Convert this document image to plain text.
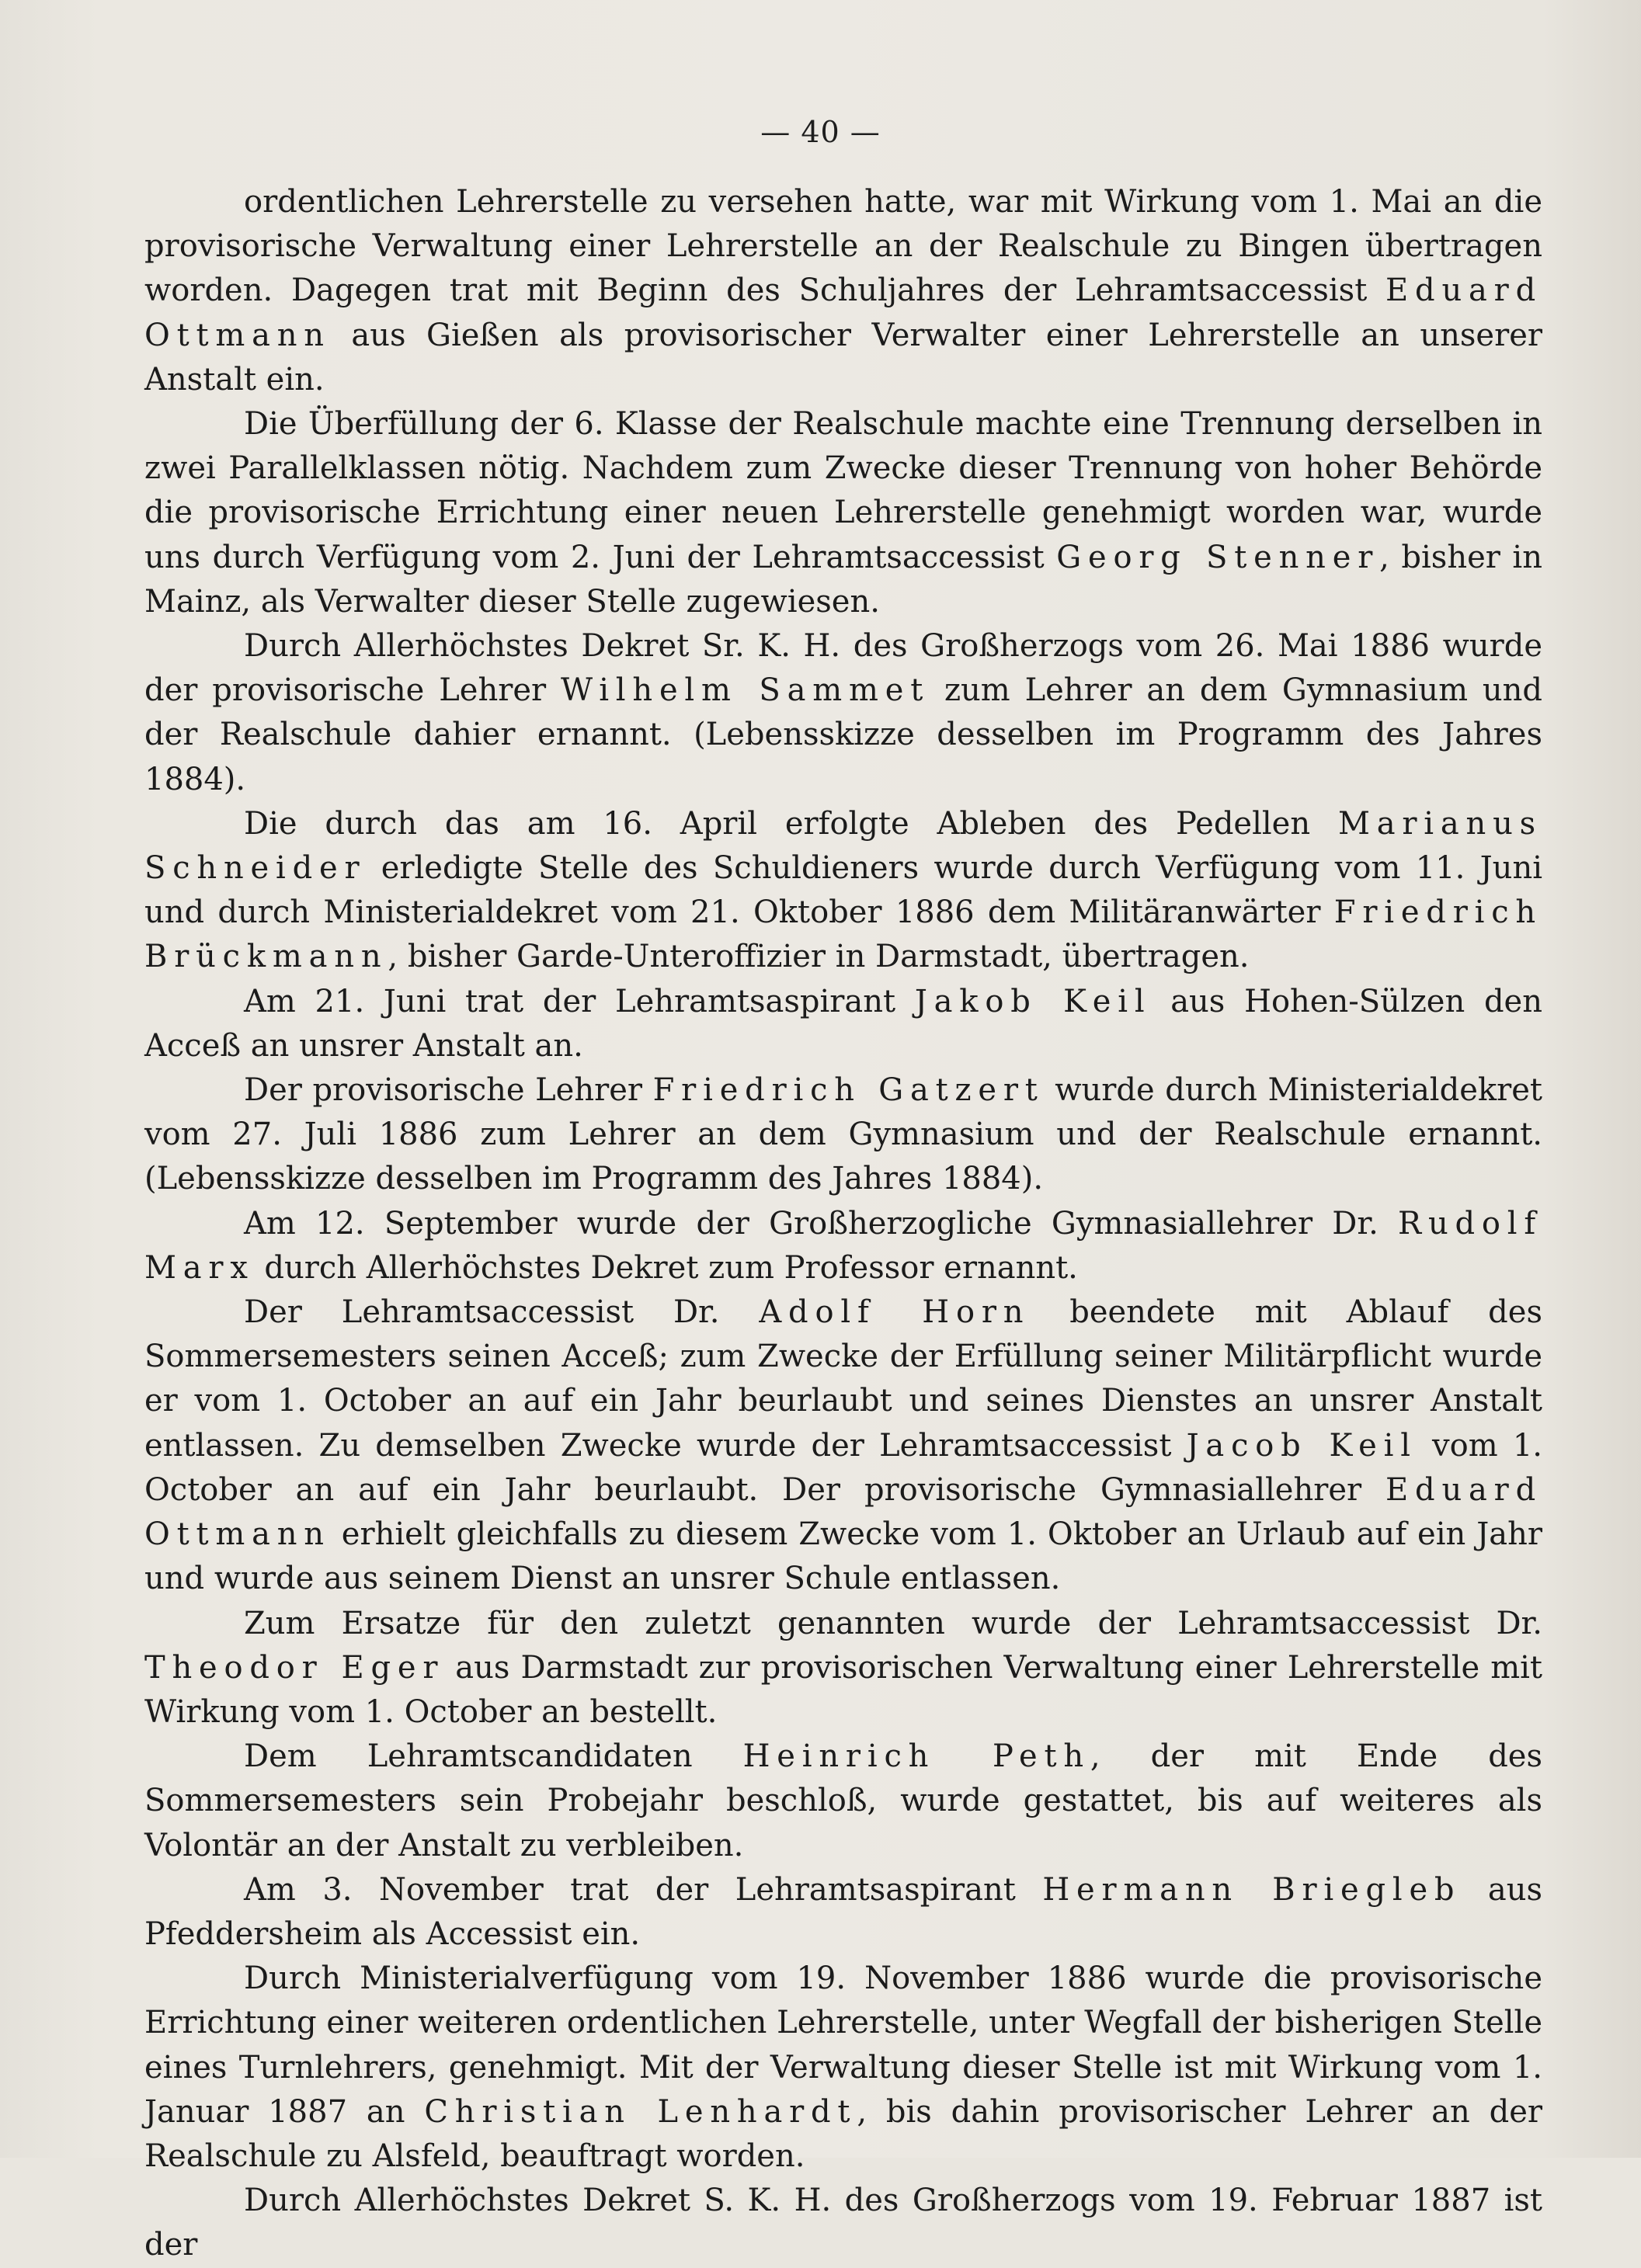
— 40 —

ordentlichen Lehrerstelle zu versehen hatte, war mit Wirkung vom 1. Mai an die provisorische Verwaltung einer Lehrerstelle an der Realschule zu Bingen übertragen worden. Dagegen trat mit Beginn des Schuljahres der Lehramtsaccessist Eduard Ottmann aus Gießen als provisorischer Verwalter einer Lehrerstelle an unserer Anstalt ein.

Die Überfüllung der 6. Klasse der Realschule machte eine Trennung derselben in zwei Parallelklassen nötig. Nachdem zum Zwecke dieser Trennung von hoher Behörde die provisorische Errichtung einer neuen Lehrerstelle genehmigt worden war, wurde uns durch Verfügung vom 2. Juni der Lehramtsaccessist Georg Stenner, bisher in Mainz, als Verwalter dieser Stelle zugewiesen.

Durch Allerhöchstes Dekret Sr. K. H. des Großherzogs vom 26. Mai 1886 wurde der provisorische Lehrer Wilhelm Sammet zum Lehrer an dem Gymnasium und der Realschule dahier ernannt. (Lebensskizze desselben im Programm des Jahres 1884).

Die durch das am 16. April erfolgte Ableben des Pedellen Marianus Schneider erledigte Stelle des Schuldieners wurde durch Verfügung vom 11. Juni und durch Ministerialdekret vom 21. Oktober 1886 dem Militäranwärter Friedrich Brückmann, bisher Garde-Unteroffizier in Darmstadt, übertragen.

Am 21. Juni trat der Lehramtsaspirant Jakob Keil aus Hohen-Sülzen den Acceß an unsrer Anstalt an.

Der provisorische Lehrer Friedrich Gatzert wurde durch Ministerialdekret vom 27. Juli 1886 zum Lehrer an dem Gymnasium und der Realschule ernannt. (Lebensskizze desselben im Programm des Jahres 1884).

Am 12. September wurde der Großherzogliche Gymnasiallehrer Dr. Rudolf Marx durch Allerhöchstes Dekret zum Professor ernannt.

Der Lehramtsaccessist Dr. Adolf Horn beendete mit Ablauf des Sommersemesters seinen Acceß; zum Zwecke der Erfüllung seiner Militärpflicht wurde er vom 1. October an auf ein Jahr beurlaubt und seines Dienstes an unsrer Anstalt entlassen. Zu demselben Zwecke wurde der Lehramtsaccessist Jacob Keil vom 1. October an auf ein Jahr beurlaubt. Der provisorische Gymnasiallehrer Eduard Ottmann erhielt gleichfalls zu diesem Zwecke vom 1. Oktober an Urlaub auf ein Jahr und wurde aus seinem Dienst an unsrer Schule entlassen.

Zum Ersatze für den zuletzt genannten wurde der Lehramtsaccessist Dr. Theodor Eger aus Darmstadt zur provisorischen Verwaltung einer Lehrerstelle mit Wirkung vom 1. October an bestellt.

Dem Lehramtscandidaten Heinrich Peth, der mit Ende des Sommersemesters sein Probejahr beschloß, wurde gestattet, bis auf weiteres als Volontär an der Anstalt zu verbleiben.

Am 3. November trat der Lehramtsaspirant Hermann Briegleb aus Pfeddersheim als Accessist ein.

Durch Ministerialverfügung vom 19. November 1886 wurde die provisorische Errichtung einer weiteren ordentlichen Lehrerstelle, unter Wegfall der bisherigen Stelle eines Turnlehrers, genehmigt. Mit der Verwaltung dieser Stelle ist mit Wirkung vom 1. Januar 1887 an Christian Lenhardt, bis dahin provisorischer Lehrer an der Realschule zu Alsfeld, beauftragt worden.

Durch Allerhöchstes Dekret S. K. H. des Großherzogs vom 19. Februar 1887 ist der
